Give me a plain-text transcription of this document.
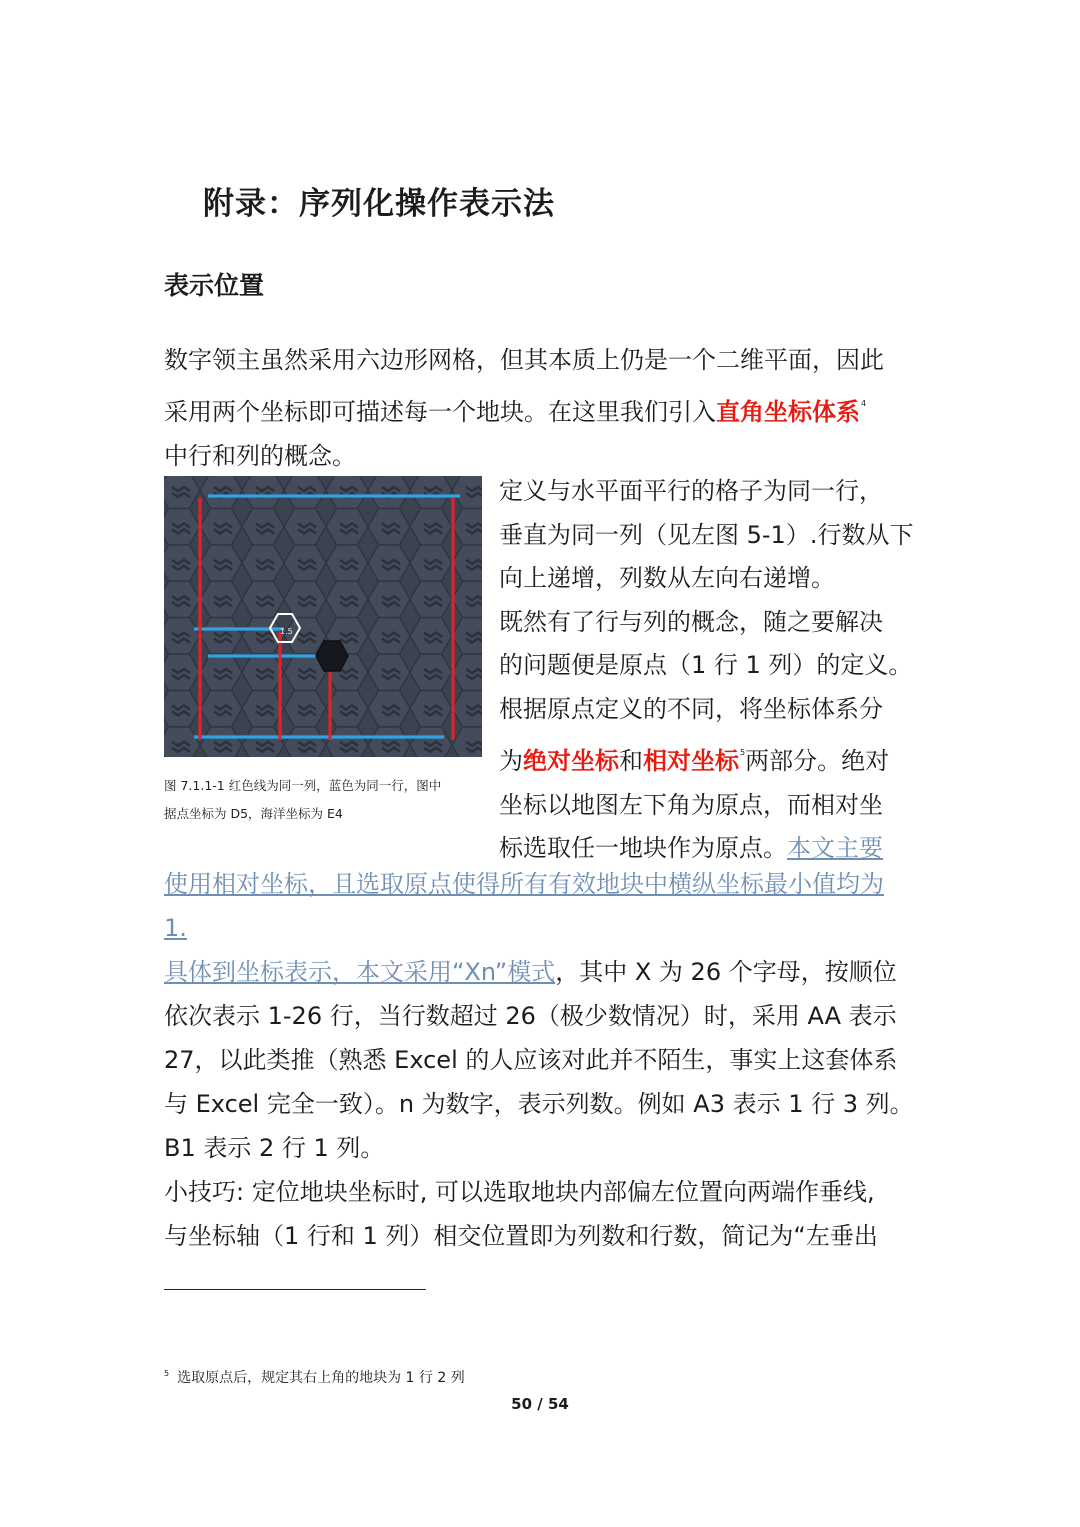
附录：序列化操作表示法
表示位置
数字领主虽然采用六边形网格，但其本质上仍是一个二维平面，因此
采用两个坐标即可描述每一个地块。在这里我们引入直角坐标体系$^4$
中行和列的概念。
1.5
图 7.1.1-1 红色线为同一列，蓝色为同一行，图中
据点坐标为 D5，海洋坐标为 E4
定义与水平面平行的格子为同一行，
垂直为同一列（见左图 5-1）.行数从下
向上递增，列数从左向右递增。
既然有了行与列的概念，随之要解决
的问题便是原点（1 行 1 列）的定义。
根据原点定义的不同，将坐标体系分
为绝对坐标和相对坐标$^5$两部分。绝对
坐标以地图左下角为原点，而相对坐
标选取任一地块作为原点。本文主要
使用相对坐标，且选取原点使得所有有效地块中横纵坐标最小值均为
1.
具体到坐标表示，本文采用“Xn”模式，其中 X 为 26 个字母，按顺位
依次表示 1-26 行，当行数超过 26（极少数情况）时，采用 AA 表示
27，以此类推（熟悉 Excel 的人应该对此并不陌生，事实上这套体系
与 Excel 完全一致）。n 为数字，表示列数。例如 A3 表示 1 行 3 列。
B1 表示 2 行 1 列。
小技巧: 定位地块坐标时, 可以选取地块内部偏左位置向两端作垂线,
与坐标轴（1 行和 1 列）相交位置即为列数和行数，简记为“左垂出
$^5$ 选取原点后，规定其右上角的地块为 1 行 2 列
50 / 54
